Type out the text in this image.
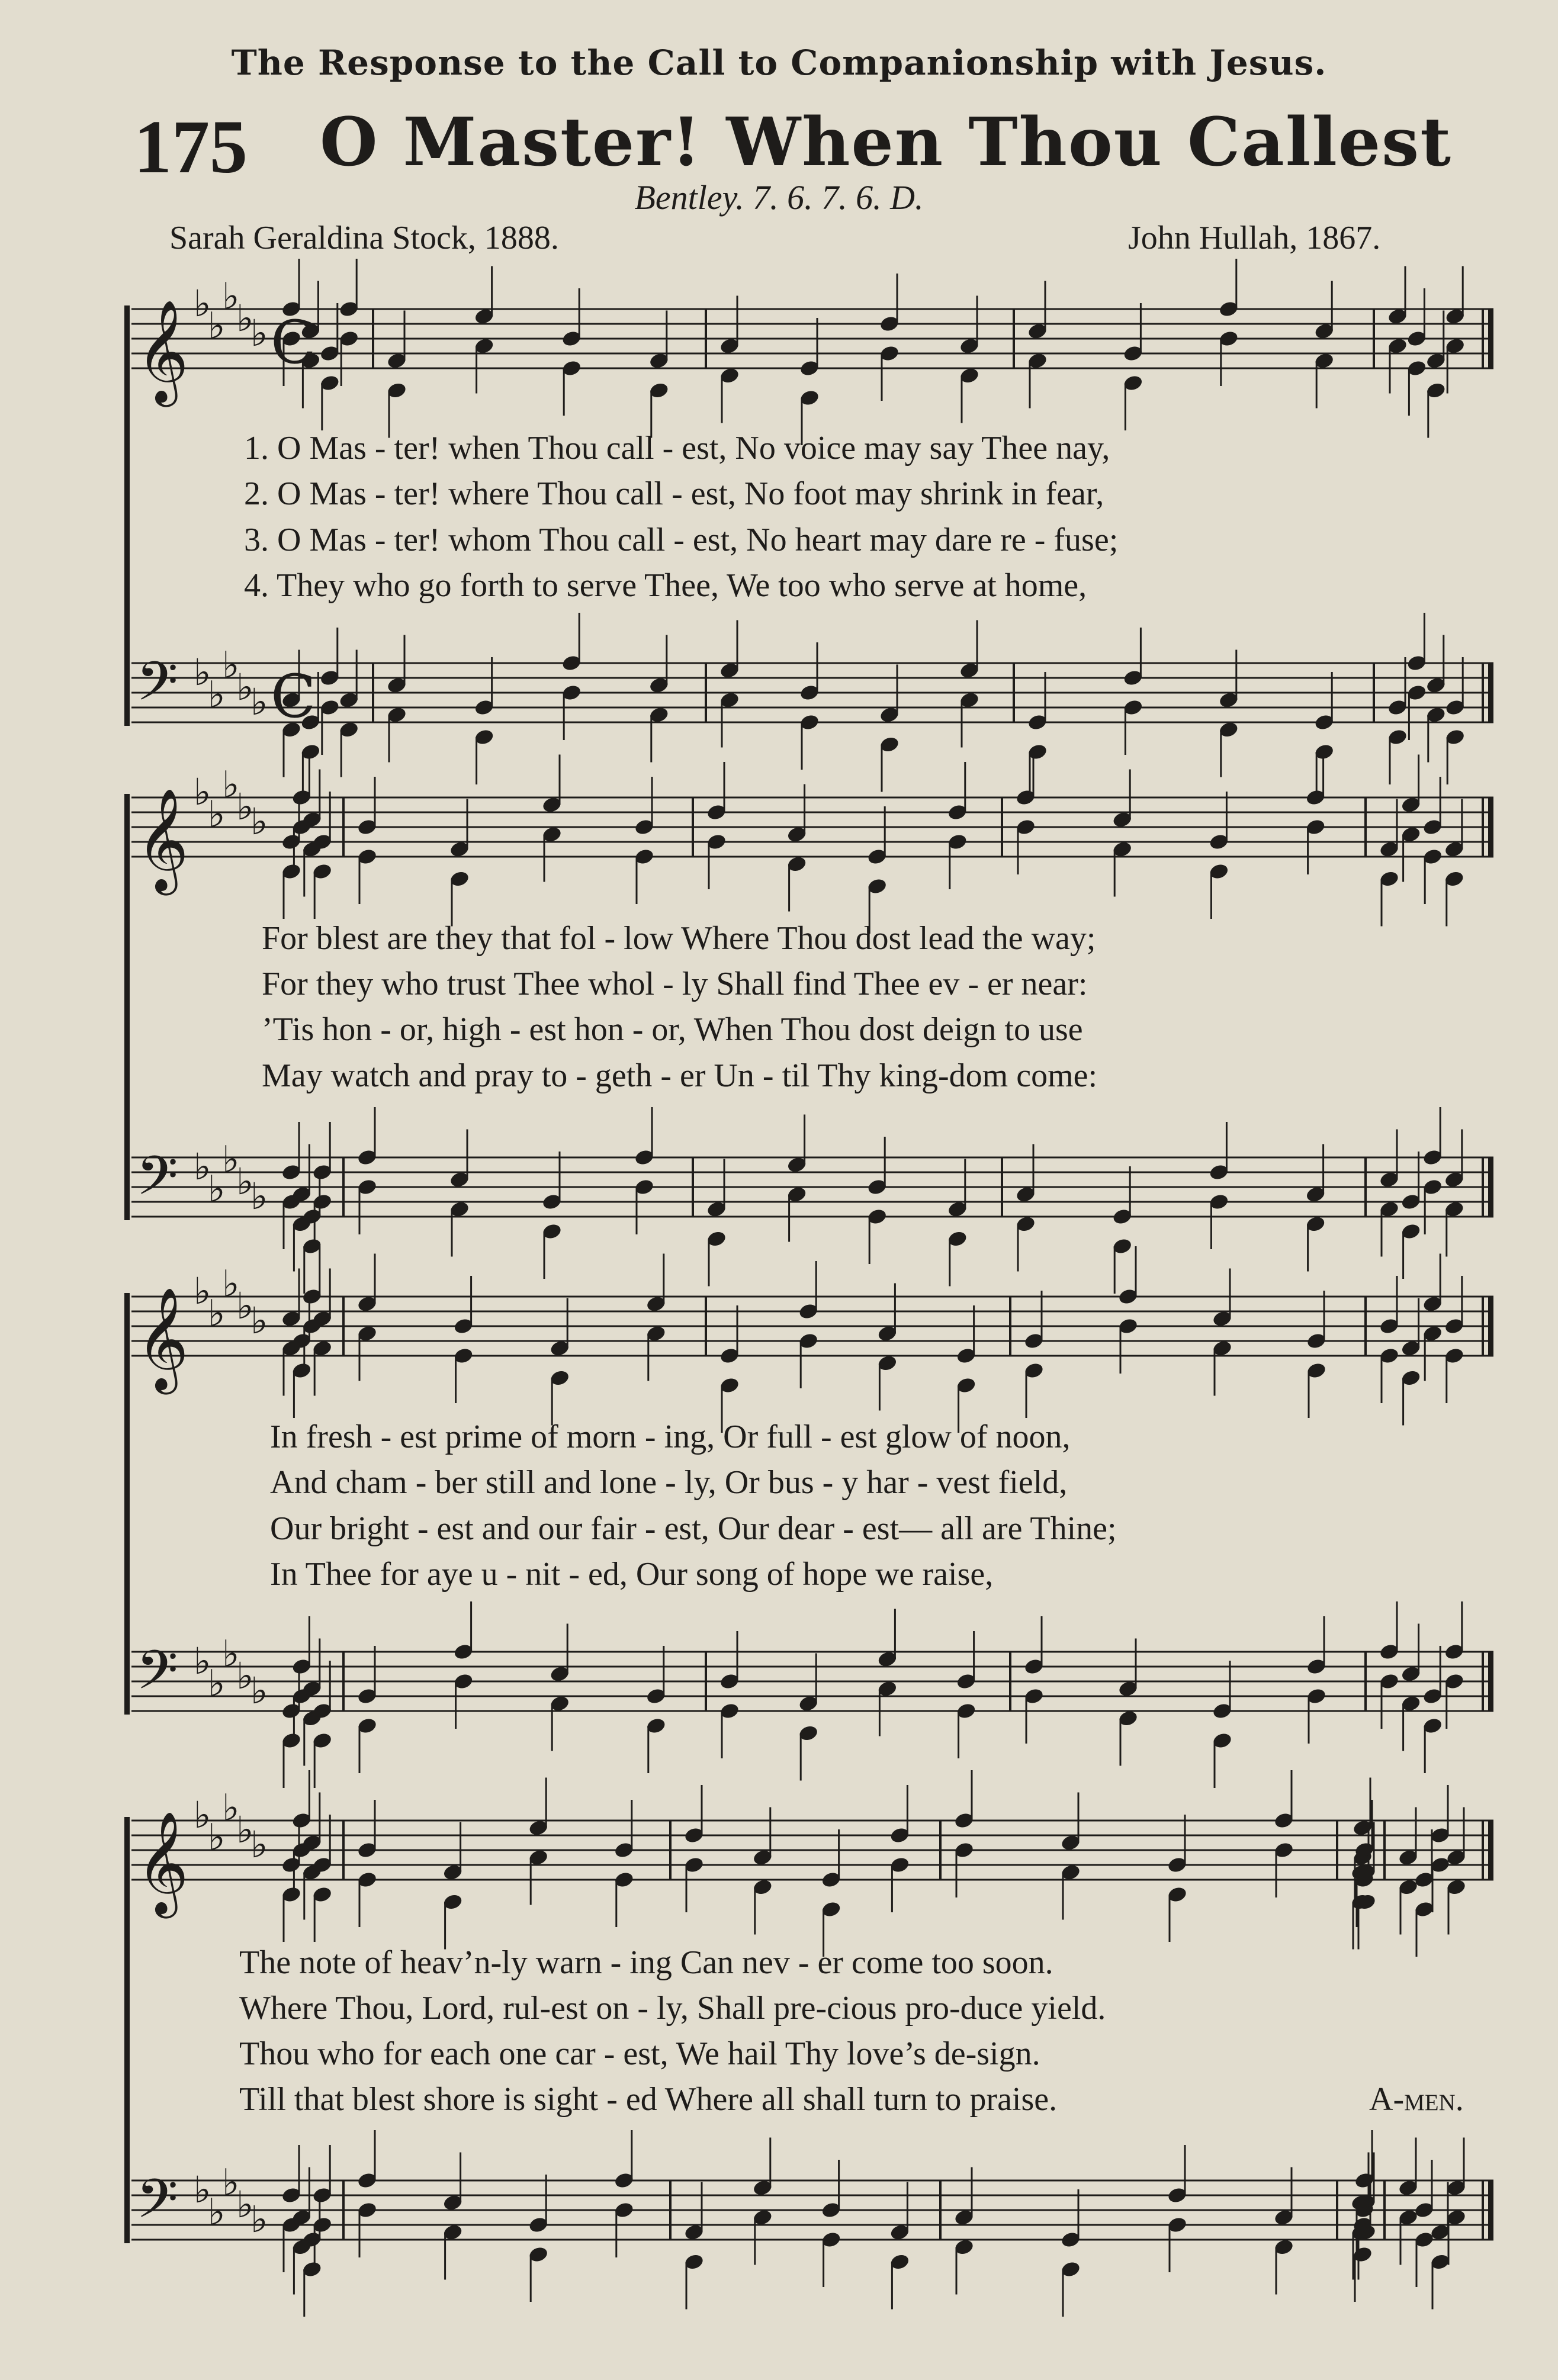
The Response to the Call to Companionship with Jesus.
175 O Master! When Thou Callest
Bentley. 7. 6. 7. 6. D.
Sarah Geraldina Stock, 1888.	John Hullah, 1867.
𝄞 ♭
♭
♭
♭
♭
𝄢 ♭
♭
♭
♭
♭
C
C
𝄞 ♭
♭
♭
♭
♭
𝄢 ♭
♭
♭
♭
♭
𝄞 ♭
♭
♭
♭
♭
𝄢 ♭
♭
♭
♭
♭
𝄞 ♭
♭
♭
♭
♭
𝄢 ♭
♭
♭
♭
♭
1. O Mas - ter! when Thou call - est, No voice may say Thee nay,
2. O Mas - ter! where Thou call - est, No foot may shrink in fear,
3. O Mas - ter! whom Thou call - est, No heart may dare re - fuse;
4. They who go forth to serve Thee, We too who serve at home,
For blest are they that fol - low Where Thou dost lead the way;
For they who trust Thee whol - ly Shall find Thee ev - er near:
’Tis hon - or, high - est hon - or, When Thou dost deign to use
May watch and pray to - geth - er Un - til Thy king-dom come:
In fresh - est prime of morn - ing, Or full - est glow of noon,
And cham - ber still and lone - ly, Or bus - y har - vest field,
Our bright - est and our fair - est, Our dear - est— all are Thine;
In Thee for aye u - nit - ed, Our song of hope we raise,
The note of heav’n-ly warn - ing Can nev - er come too soon.
Where Thou, Lord, rul-est on - ly, Shall pre-cious pro-duce yield.
Thou who for each one car - est, We hail Thy love’s de-sign.
Till that blest shore is sight - ed Where all shall turn to praise.	A-men.
